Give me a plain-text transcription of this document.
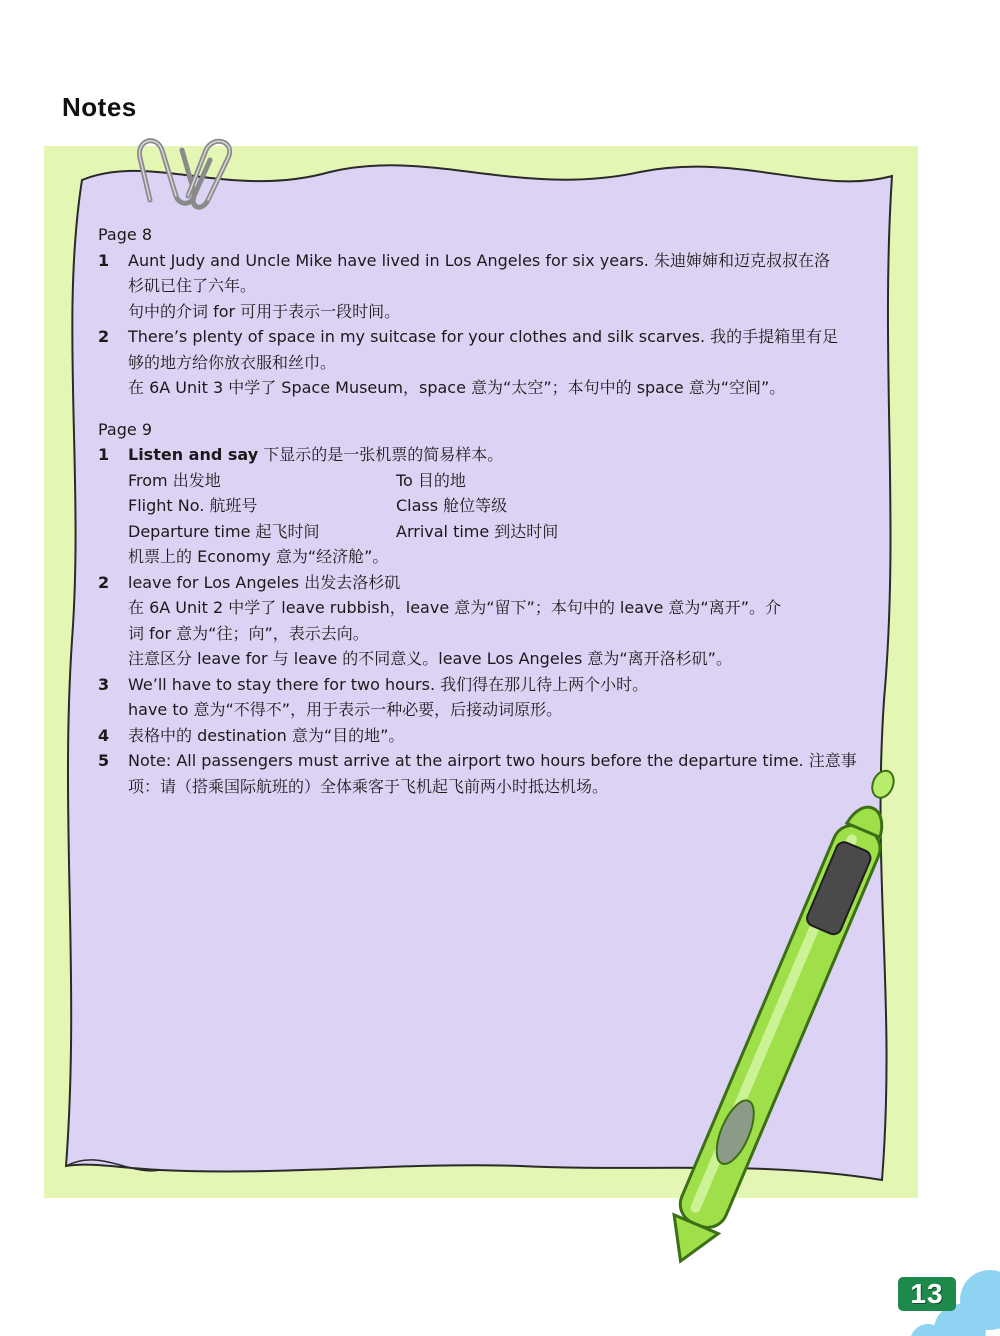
Notes
Page 8
1 Aunt Judy and Uncle Mike have lived in Los Angeles for six years. 朱迪婶婶和迈克叔叔在洛
杉矶已住了六年。
句中的介词 for 可用于表示一段时间。
2 There’s plenty of space in my suitcase for your clothes and silk scarves. 我的手提箱里有足
够的地方给你放衣服和丝巾。
在 6A Unit 3 中学了 Space Museum，space 意为“太空”；本句中的 space 意为“空间”。
Page 9
1 Listen and say 下显示的是一张机票的简易样本。
From 出发地	To 目的地
Flight No. 航班号	Class 舱位等级
Departure time 起飞时间	Arrival time 到达时间
机票上的 Economy 意为“经济舱”。
2 leave for Los Angeles 出发去洛杉矶
在 6A Unit 2 中学了 leave rubbish，leave 意为“留下”；本句中的 leave 意为“离开”。介
词 for 意为“往；向”，表示去向。
注意区分 leave for 与 leave 的不同意义。leave Los Angeles 意为“离开洛杉矶”。
3 We’ll have to stay there for two hours. 我们得在那儿待上两个小时。
have to 意为“不得不”，用于表示一种必要，后接动词原形。
4 表格中的 destination 意为“目的地”。
5 Note: All passengers must arrive at the airport two hours before the departure time. 注意事
项：请（搭乘国际航班的）全体乘客于飞机起飞前两小时抵达机场。
13
